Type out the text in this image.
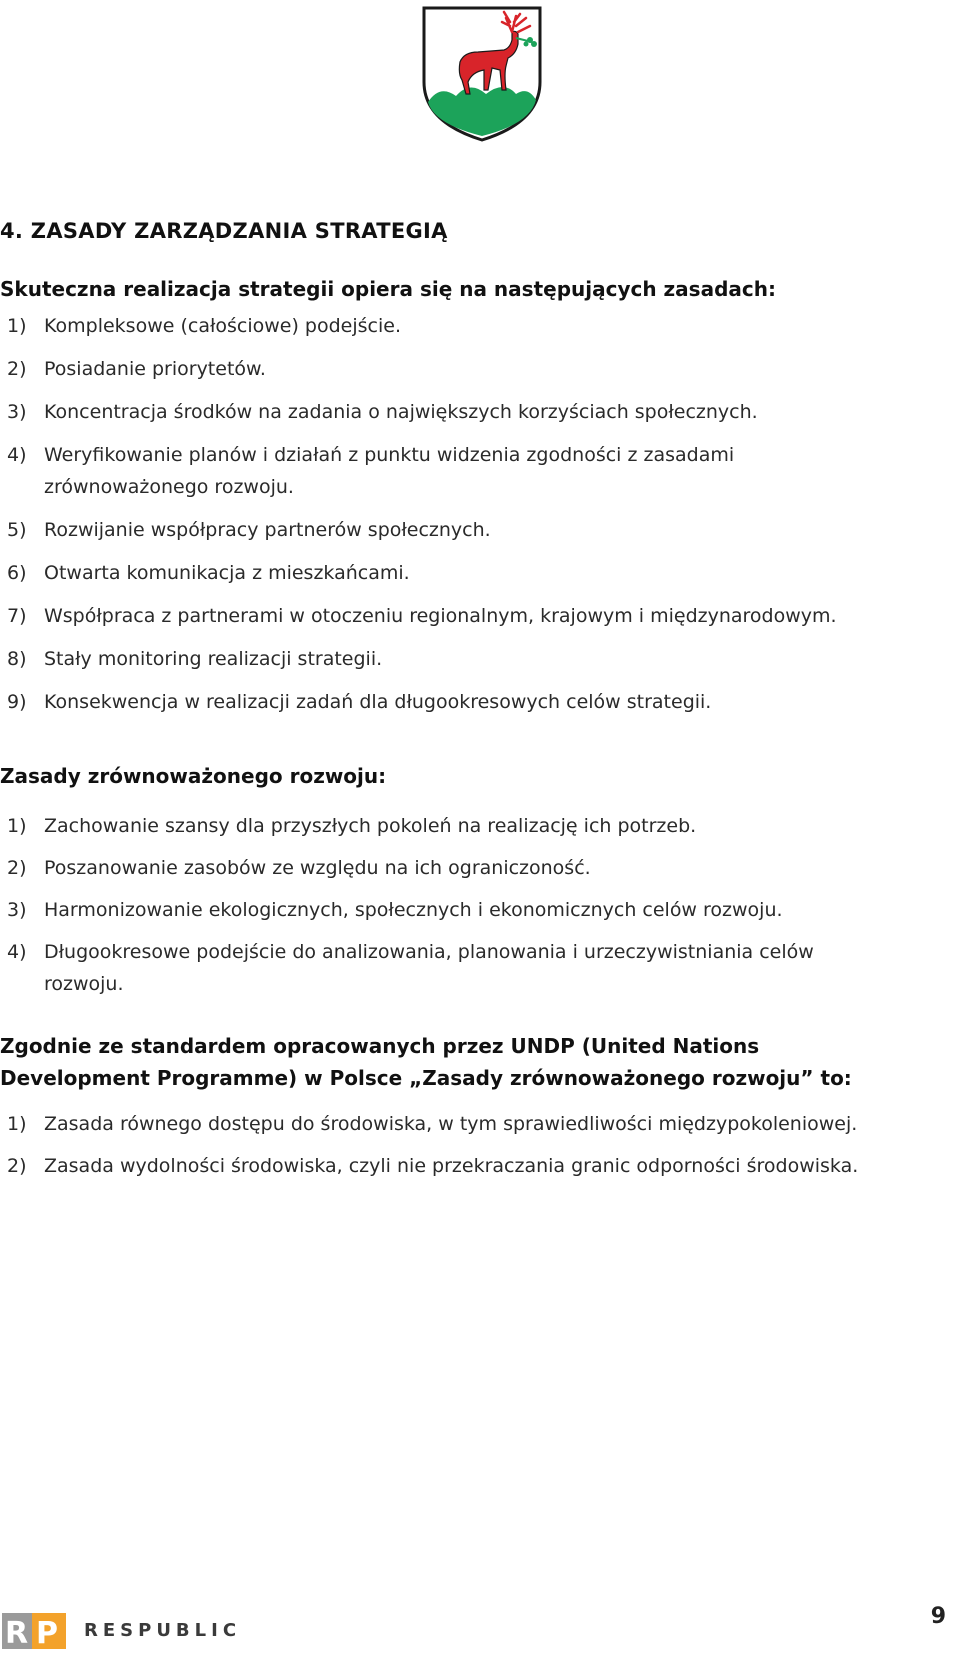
4. ZASADY ZARZĄDZANIA STRATEGIĄ

Skuteczna realizacja strategii opiera się na następujących zasadach:

1) Kompleksowe (całościowe) podejście.
2) Posiadanie priorytetów.
3) Koncentracja środków na zadania o największych korzyściach społecznych.
4) Weryfikowanie planów i działań z punktu widzenia zgodności z zasadami zrównoważonego rozwoju.
5) Rozwijanie współpracy partnerów społecznych.
6) Otwarta komunikacja z mieszkańcami.
7) Współpraca z partnerami w otoczeniu regionalnym, krajowym i międzynarodowym.
8) Stały monitoring realizacji strategii.
9) Konsekwencja w realizacji zadań dla długookresowych celów strategii.

Zasady zrównoważonego rozwoju:

1) Zachowanie szansy dla przyszłych pokoleń na realizację ich potrzeb.
2) Poszanowanie zasobów ze względu na ich ograniczoność.
3) Harmonizowanie ekologicznych, społecznych i ekonomicznych celów rozwoju.
4) Długookresowe podejście do analizowania, planowania i urzeczywistniania celów rozwoju.

Zgodnie ze standardem opracowanych przez UNDP (United Nations Development Programme) w Polsce „Zasady zrównoważonego rozwoju” to:

1) Zasada równego dostępu do środowiska, w tym sprawiedliwości międzypokoleniowej.
2) Zasada wydolności środowiska, czyli nie przekraczania granic odporności środowiska.
R P RESPUBLIC
9
